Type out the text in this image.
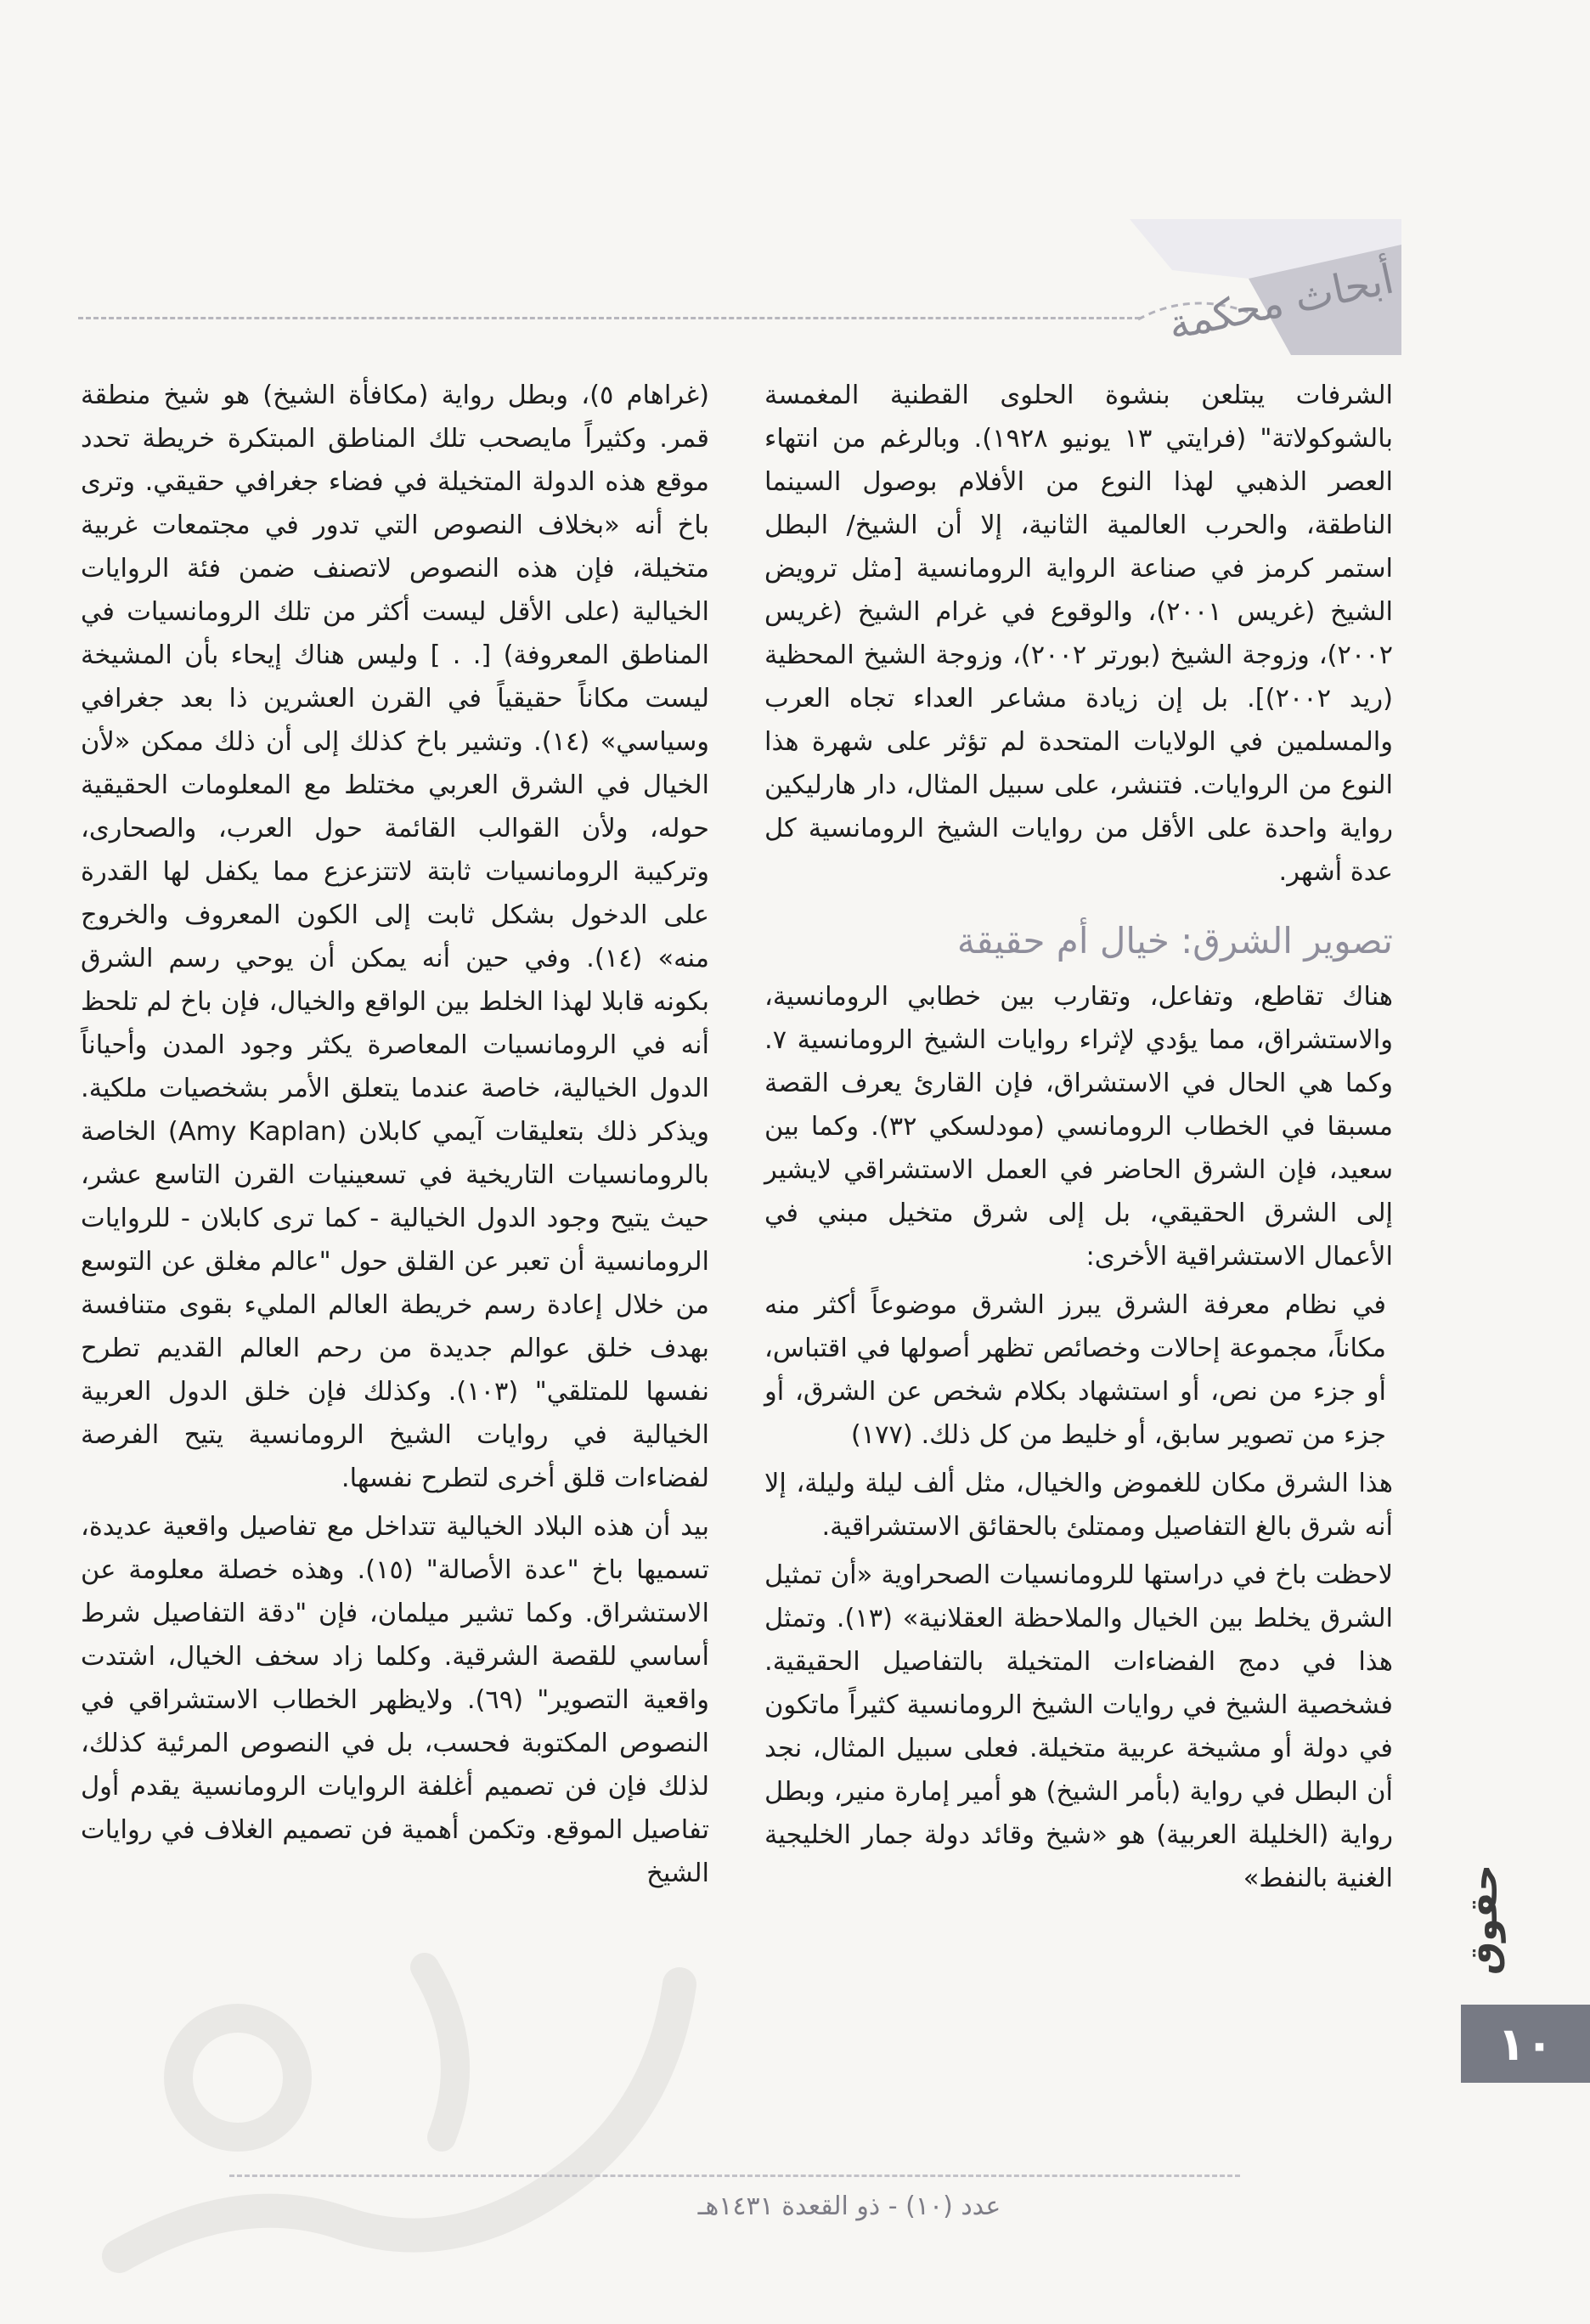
أبحاث محكمة

الشرفات يبتلعن بنشوة الحلوى القطنية المغمسة بالشوكولاتة" (فرايتي ١٣ يونيو ١٩٢٨). وبالرغم من انتهاء العصر الذهبي لهذا النوع من الأفلام بوصول السينما الناطقة، والحرب العالمية الثانية، إلا أن الشيخ/ البطل استمر كرمز في صناعة الرواية الرومانسية [مثل ترويض الشيخ (غريس ٢٠٠١)، والوقوع في غرام الشيخ (غريس ٢٠٠٢)، وزوجة الشيخ (بورتر ٢٠٠٢)، وزوجة الشيخ المحظية (ريد ٢٠٠٢)]. بل إن زيادة مشاعر العداء تجاه العرب والمسلمين في الولايات المتحدة لم تؤثر على شهرة هذا النوع من الروايات. فتنشر، على سبيل المثال، دار هارليكين رواية واحدة على الأقل من روايات الشيخ الرومانسية كل عدة أشهر.

تصوير الشرق: خيال أم حقيقة

هناك تقاطع، وتفاعل، وتقارب بين خطابي الرومانسية، والاستشراق، مما يؤدي لإثراء روايات الشيخ الرومانسية ٧. وكما هي الحال في الاستشراق، فإن القارئ يعرف القصة مسبقا في الخطاب الرومانسي (مودلسكي ٣٢). وكما بين سعيد، فإن الشرق الحاضر في العمل الاستشراقي لايشير إلى الشرق الحقيقي، بل إلى شرق متخيل مبني في الأعمال الاستشراقية الأخرى:

في نظام معرفة الشرق يبرز الشرق موضوعاً أكثر منه مكاناً، مجموعة إحالات وخصائص تظهر أصولها في اقتباس، أو جزء من نص، أو استشهاد بكلام شخص عن الشرق، أو جزء من تصوير سابق، أو خليط من كل ذلك. (١٧٧)

هذا الشرق مكان للغموض والخيال، مثل ألف ليلة وليلة، إلا أنه شرق بالغ التفاصيل وممتلئ بالحقائق الاستشراقية.

لاحظت باخ في دراستها للرومانسيات الصحراوية «أن تمثيل الشرق يخلط بين الخيال والملاحظة العقلانية» (١٣). وتمثل هذا في دمج الفضاءات المتخيلة بالتفاصيل الحقيقية. فشخصية الشيخ في روايات الشيخ الرومانسية كثيراً ماتكون في دولة أو مشيخة عربية متخيلة. فعلى سبيل المثال، نجد أن البطل في رواية (بأمر الشيخ) هو أمير إمارة منير، وبطل رواية (الخليلة العربية) هو «شيخ وقائد دولة جمار الخليجية الغنية بالنفط»

(غراهام ٥)، وبطل رواية (مكافأة الشيخ) هو شيخ منطقة قمر. وكثيراً مايصحب تلك المناطق المبتكرة خريطة تحدد موقع هذه الدولة المتخيلة في فضاء جغرافي حقيقي. وترى باخ أنه «بخلاف النصوص التي تدور في مجتمعات غربية متخيلة، فإن هذه النصوص لاتصنف ضمن فئة الروايات الخيالية (على الأقل ليست أكثر من تلك الرومانسيات في المناطق المعروفة) [. . ] وليس هناك إيحاء بأن المشيخة ليست مكاناً حقيقياً في القرن العشرين ذا بعد جغرافي وسياسي» (١٤). وتشير باخ كذلك إلى أن ذلك ممكن «لأن الخيال في الشرق العربي مختلط مع المعلومات الحقيقية حوله، ولأن القوالب القائمة حول العرب، والصحارى، وتركيبة الرومانسيات ثابتة لاتتزعزع مما يكفل لها القدرة على الدخول بشكل ثابت إلى الكون المعروف والخروج منه» (١٤). وفي حين أنه يمكن أن يوحي رسم الشرق بكونه قابلا لهذا الخلط بين الواقع والخيال، فإن باخ لم تلحظ أنه في الرومانسيات المعاصرة يكثر وجود المدن وأحياناً الدول الخيالية، خاصة عندما يتعلق الأمر بشخصيات ملكية. ويذكر ذلك بتعليقات آيمي كابلان (Amy Kaplan) الخاصة بالرومانسيات التاريخية في تسعينيات القرن التاسع عشر، حيث يتيح وجود الدول الخيالية - كما ترى كابلان - للروايات الرومانسية أن تعبر عن القلق حول "عالم مغلق عن التوسع من خلال إعادة رسم خريطة العالم المليء بقوى متنافسة بهدف خلق عوالم جديدة من رحم العالم القديم تطرح نفسها للمتلقي" (١٠٣). وكذلك فإن خلق الدول العربية الخيالية في روايات الشيخ الرومانسية يتيح الفرصة لفضاءات قلق أخرى لتطرح نفسها.

بيد أن هذه البلاد الخيالية تتداخل مع تفاصيل واقعية عديدة، تسميها باخ "عدة الأصالة" (١٥). وهذه خصلة معلومة عن الاستشراق. وكما تشير ميلمان، فإن "دقة التفاصيل شرط أساسي للقصة الشرقية. وكلما زاد سخف الخيال، اشتدت واقعية التصوير" (٦٩). ولايظهر الخطاب الاستشراقي في النصوص المكتوبة فحسب، بل في النصوص المرئية كذلك، لذلك فإن فن تصميم أغلفة الروايات الرومانسية يقدم أول تفاصيل الموقع. وتكمن أهمية فن تصميم الغلاف في روايات الشيخ	حقوق
١٠
عدد (١٠) - ذو القعدة ١٤٣١هـ
